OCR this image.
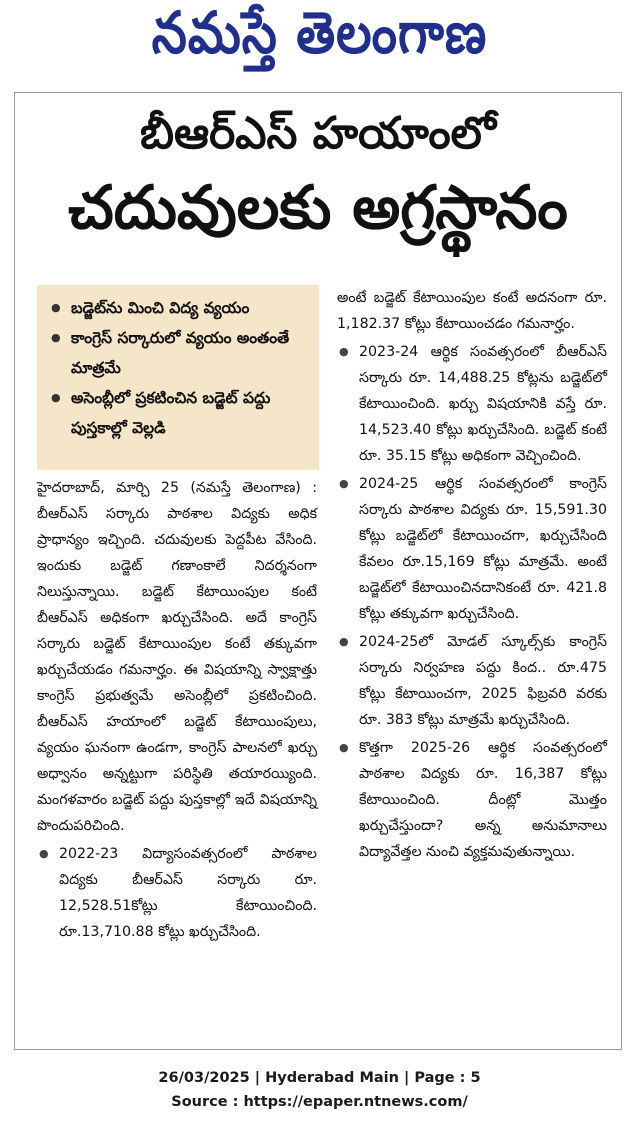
నమస్తే తెలంగాణ
బీఆర్ఎస్ హయాంలో
చదువులకు అగ్రస్థానం
● బడ్జెట్‌ను మించి విద్య వ్యయం
● కాంగ్రెస్ సర్కారులో వ్యయం అంతంతే మాత్రమే
● అసెంబ్లీలో ప్రకటించిన బడ్జెట్ పద్దు పుస్తకాల్లో వెల్లడి

హైదరాబాద్, మార్చి 25 (నమస్తే తెలంగాణ) : బీఆర్ఎస్ సర్కారు పాఠశాల విద్యకు అధిక ప్రాధాన్యం ఇచ్చింది. చదువులకు పెద్దపీట వేసింది. ఇందుకు బడ్జెట్ గణాంకాలే నిదర్శనంగా నిలుస్తున్నాయి. బడ్జెట్ కేటాయింపుల కంటే బీఆర్ఎస్ అధికంగా ఖర్చుచేసింది. అదే కాంగ్రెస్ సర్కారు బడ్జెట్ కేటాయింపుల కంటే తక్కువగా ఖర్చుచేయడం గమనార్హం. ఈ విషయాన్ని స్వాక్షాత్తు కాంగ్రెస్ ప్రభుత్వమే అసెంబ్లీలో ప్రకటించింది. బీఆర్ఎస్ హయాంలో బడ్జెట్ కేటాయింపులు, వ్యయం ఘనంగా ఉండగా, కాంగ్రెస్ పాలనలో ఖర్చు అధ్వానం అన్నట్టుగా పరిస్థితి తయారయ్యింది. మంగళవారం బడ్జెట్ పద్దు పుస్తకాల్లో ఇదే విషయాన్ని పొందుపరిచింది.

● 2022-23 విద్యాసంవత్సరంలో పాఠశాల విద్యకు బీఆర్ఎస్ సర్కారు రూ. 12,528.51కోట్లు కేటాయించింది. రూ.13,710.88 కోట్లు ఖర్చుచేసింది.

అంటే బడ్జెట్ కేటాయింపుల కంటే అదనంగా రూ. 1,182.37 కోట్లు కేటాయించడం గమనార్హం.

● 2023-24 ఆర్థిక సంవత్సరంలో బీఆర్ఎస్ సర్కారు రూ. 14,488.25 కోట్లను బడ్జెట్‌లో కేటాయించింది. ఖర్చు విషయానికి వస్తే రూ. 14,523.40 కోట్లు ఖర్చుచేసింది. బడ్జెట్ కంటే రూ. 35.15 కోట్లు అధికంగా వెచ్చించింది.

● 2024-25 ఆర్థిక సంవత్సరంలో కాంగ్రెస్ సర్కారు పాఠశాల విద్యకు రూ. 15,591.30 కోట్లు బడ్జెట్‌లో కేటాయించగా, ఖర్చుచేసింది కేవలం రూ.15,169 కోట్లు మాత్రమే. అంటే బడ్జెట్‌లో కేటాయించినదానికంటే రూ. 421.8 కోట్లు తక్కువగా ఖర్చుచేసింది.

● 2024-25లో మోడల్ స్కూల్స్‌కు కాంగ్రెస్ సర్కారు నిర్వహణ పద్దు కింద.. రూ.475 కోట్లు కేటాయించగా, 2025 ఫిబ్రవరి వరకు రూ. 383 కోట్లు మాత్రమే ఖర్చుచేసింది.

● కొత్తగా 2025-26 ఆర్థిక సంవత్సరంలో పాఠశాల విద్యకు రూ. 16,387 కోట్లు కేటాయించింది. దీంట్లో మొత్తం ఖర్చుచేస్తుందా? అన్న అనుమానాలు విద్యావేత్తల నుంచి వ్యక్తమవుతున్నాయి.

26/03/2025 | Hyderabad Main | Page : 5
Source : https://epaper.ntnews.com/
